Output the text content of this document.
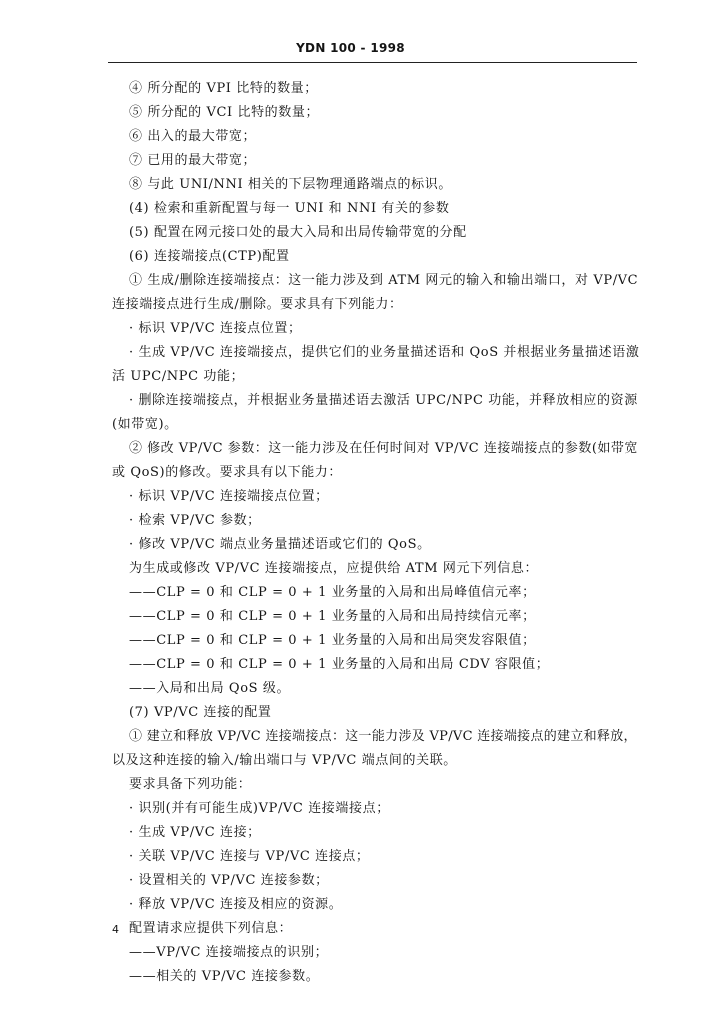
YDN 100 - 1998
④ 所分配的 VPI 比特的数量；
⑤ 所分配的 VCI 比特的数量；
⑥ 出入的最大带宽；
⑦ 已用的最大带宽；
⑧ 与此 UNI/NNI 相关的下层物理通路端点的标识。
(4) 检索和重新配置与每一 UNI 和 NNI 有关的参数
(5) 配置在网元接口处的最大入局和出局传输带宽的分配
(6) 连接端接点(CTP)配置
① 生成/删除连接端接点：这一能力涉及到 ATM 网元的输入和输出端口，对 VP/VC
连接端接点进行生成/删除。要求具有下列能力：
· 标识 VP/VC 连接点位置；
· 生成 VP/VC 连接端接点，提供它们的业务量描述语和 QoS 并根据业务量描述语激
活 UPC/NPC 功能；
· 删除连接端接点，并根据业务量描述语去激活 UPC/NPC 功能，并释放相应的资源
(如带宽)。
② 修改 VP/VC 参数：这一能力涉及在任何时间对 VP/VC 连接端接点的参数(如带宽
或 QoS)的修改。要求具有以下能力：
· 标识 VP/VC 连接端接点位置；
· 检索 VP/VC 参数；
· 修改 VP/VC 端点业务量描述语或它们的 QoS。
为生成或修改 VP/VC 连接端接点，应提供给 ATM 网元下列信息：
——CLP = 0 和 CLP = 0 + 1 业务量的入局和出局峰值信元率；
——CLP = 0 和 CLP = 0 + 1 业务量的入局和出局持续信元率；
——CLP = 0 和 CLP = 0 + 1 业务量的入局和出局突发容限值；
——CLP = 0 和 CLP = 0 + 1 业务量的入局和出局 CDV 容限值；
——入局和出局 QoS 级。
(7) VP/VC 连接的配置
① 建立和释放 VP/VC 连接端接点：这一能力涉及 VP/VC 连接端接点的建立和释放，
以及这种连接的输入/输出端口与 VP/VC 端点间的关联。
要求具备下列功能：
· 识别(并有可能生成)VP/VC 连接端接点；
· 生成 VP/VC 连接；
· 关联 VP/VC 连接与 VP/VC 连接点；
· 设置相关的 VP/VC 连接参数；
· 释放 VP/VC 连接及相应的资源。
配置请求应提供下列信息：
——VP/VC 连接端接点的识别；
——相关的 VP/VC 连接参数。
4
